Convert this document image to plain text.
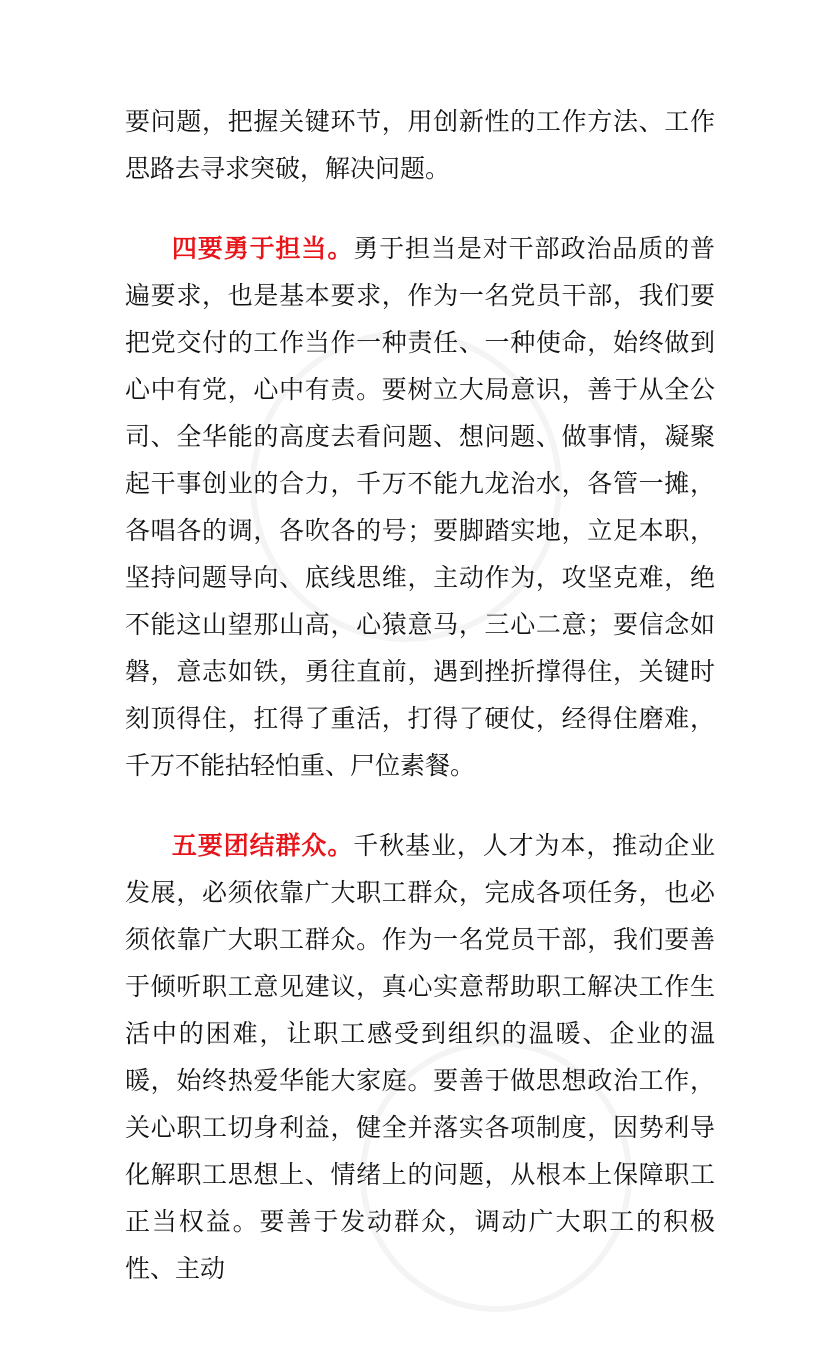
要问题，把握关键环节，用创新性的工作方法、工作思路去寻求突破，解决问题。

四要勇于担当。勇于担当是对干部政治品质的普遍要求，也是基本要求，作为一名党员干部，我们要把党交付的工作当作一种责任、一种使命，始终做到心中有党，心中有责。要树立大局意识，善于从全公司、全华能的高度去看问题、想问题、做事情，凝聚起干事创业的合力，千万不能九龙治水，各管一摊，各唱各的调，各吹各的号；要脚踏实地，立足本职，坚持问题导向、底线思维，主动作为，攻坚克难，绝不能这山望那山高，心猿意马，三心二意；要信念如磐，意志如铁，勇往直前，遇到挫折撑得住，关键时刻顶得住，扛得了重活，打得了硬仗，经得住磨难，千万不能拈轻怕重、尸位素餐。

五要团结群众。千秋基业，人才为本，推动企业发展，必须依靠广大职工群众，完成各项任务，也必须依靠广大职工群众。作为一名党员干部，我们要善于倾听职工意见建议，真心实意帮助职工解决工作生活中的困难，让职工感受到组织的温暖、企业的温暖，始终热爱华能大家庭。要善于做思想政治工作，关心职工切身利益，健全并落实各项制度，因势利导化解职工思想上、情绪上的问题，从根本上保障职工正当权益。要善于发动群众，调动广大职工的积极性、主动
